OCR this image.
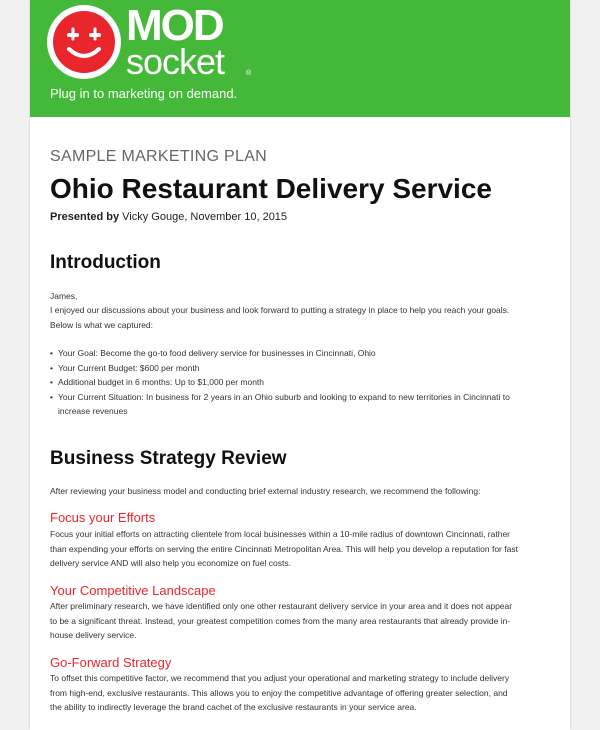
MOD
socket	®
Plug in to marketing on demand.
SAMPLE MARKETING PLAN
Ohio Restaurant Delivery Service
Presented by Vicky Gouge, November 10, 2015
Introduction
James,
I enjoyed our discussions about your business and look forward to putting a strategy in place to help you reach your goals. Below is what we captured:
• Your Goal: Become the go-to food delivery service for businesses in Cincinnati, Ohio
• Your Current Budget: $600 per month
• Additional budget in 6 months: Up to $1,000 per month
• Your Current Situation: In business for 2 years in an Ohio suburb and looking to expand to new territories in Cincinnati to increase revenues
Business Strategy Review
After reviewing your business model and conducting brief external industry research, we recommend the following:
Focus your Efforts
Focus your initial efforts on attracting clientele from local businesses within a 10-mile radius of downtown Cincinnati, rather than expending your efforts on serving the entire Cincinnati Metropolitan Area. This will help you develop a reputation for fast delivery service AND will also help you economize on fuel costs.
Your Competitive Landscape
After preliminary research, we have identified only one other restaurant delivery service in your area and it does not appear to be a significant threat. Instead, your greatest competition comes from the many area restaurants that already provide in-house delivery service.
Go-Forward Strategy
To offset this competitive factor, we recommend that you adjust your operational and marketing strategy to include delivery from high-end, exclusive restaurants. This allows you to enjoy the competitive advantage of offering greater selection, and the ability to indirectly leverage the brand cachet of the exclusive restaurants in your service area.
